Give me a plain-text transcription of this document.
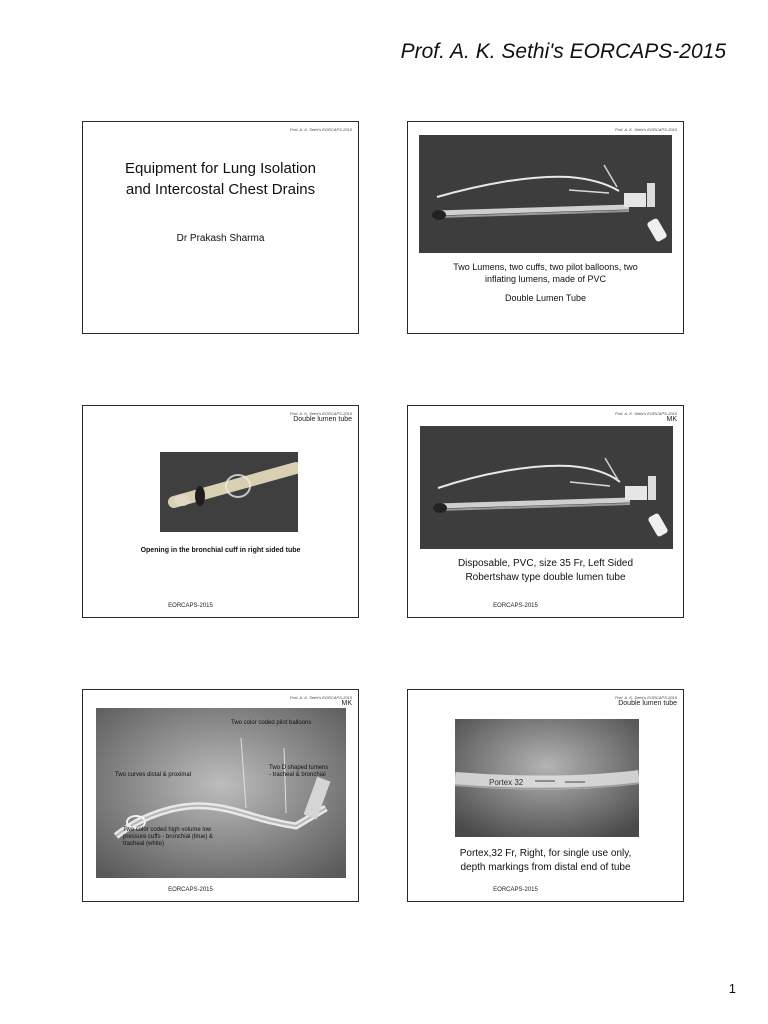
Prof. A. K. Sethi's EORCAPS-2015
Prof. A. K. Sethi's EORCAPS-2015
Equipment for Lung Isolation
and Intercostal Chest Drains
Dr Prakash Sharma
Prof. A. K. Sethi's EORCAPS-2015
Two Lumens, two cuffs, two pilot balloons, two
inflating lumens, made of PVC
Double Lumen Tube
Prof. A. K. Sethi's EORCAPS-2015
Double lumen tube
Opening in the bronchial cuff in right sided tube
EORCAPS-2015
Prof. A. K. Sethi's EORCAPS-2015
MK
Disposable, PVC, size 35 Fr, Left Sided
Robertshaw type double lumen tube
EORCAPS-2015
Prof. A. K. Sethi's EORCAPS-2015
MK
Two color coded pilot balloons
Two curves distal & proximal
Two D shaped lumens
- tracheal & bronchial
Two color coded high volume low
pressure cuffs - bronchial (blue) &
tracheal (white)
EORCAPS-2015
Prof. A. K. Sethi's EORCAPS-2015
Double lumen tube
Portex 32
Portex,32 Fr, Right, for single use only,
depth markings from distal end of tube
EORCAPS-2015
1
